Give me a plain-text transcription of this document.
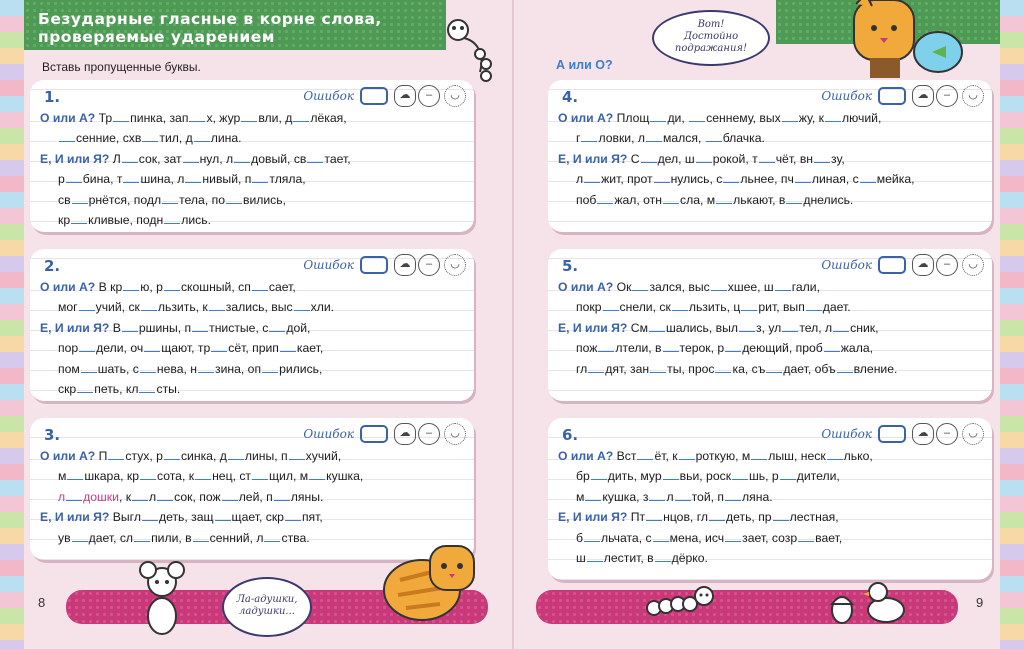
Безударные гласные в корне слова,
проверяемые ударением
Вставь пропущенные буквы.	А или О?
Вот!
Достойно
подражания!
1.	Ошибок	☁	–	◡
О или А? Тр пинка, зап х, жур вли, д лёкая,
сенние, схв тил, д лина.
Е, И или Я? Л сок, зат нул, л довый, св тает,
р бина, т шина, л нивый, п тляла,
св рнётся, подл тела, по вились,
кр кливые, подн лись.
2.	Ошибок	☁	–	◡
О или А? В кр ю, р скошный, сп сает,
мог учий, ск льзить, к зались, выс хли.
Е, И или Я? В ршины, п тнистые, с дой,
пор дели, оч щают, тр сёт, прип кает,
пом шать, с нева, н зина, оп рились,
скр петь, кл сты.
3.	Ошибок	☁	–	◡
О или А? П стух, р синка, д лины, п хучий,
м шкара, кр сота, к нец, ст щил, м кушка,
л дошки, к л сок, пож лей, п ляны.
Е, И или Я? Выгл деть, защ щает, скр пят,
ув дает, сл пили, в сенний, л ства.
4.	Ошибок	☁	–	◡
О или А? Площ ди, сеннему, вых жу, к лючий,
г ловки, л мался, блачка.
Е, И или Я? С дел, ш рокой, т чёт, вн зу,
л жит, прот нулись, с льнее, пч линая, с мейка,
поб жал, отн сла, м лькают, в днелись.
5.	Ошибок	☁	–	◡
О или А? Ок зался, выс хшее, ш гали,
покр снели, ск льзить, ц рит, вып дает.
Е, И или Я? См шались, выл з, ул тел, л сник,
пож лтели, в терок, р деющий, проб жала,
гл дят, зан ты, прос ка, съ дает, объ вление.
6.	Ошибок	☁	–	◡
О или А? Вст ёт, к роткую, м лыш, неск лько,
бр дить, мур вьи, роск шь, р дители,
м кушка, з л той, п ляна.
Е, И или Я? Пт нцов, гл деть, пр лестная,
б льчата, с мена, исч зает, созр вает,
ш лестит, в дёрко.
8	9
Ла-адушки,
ладушки...
